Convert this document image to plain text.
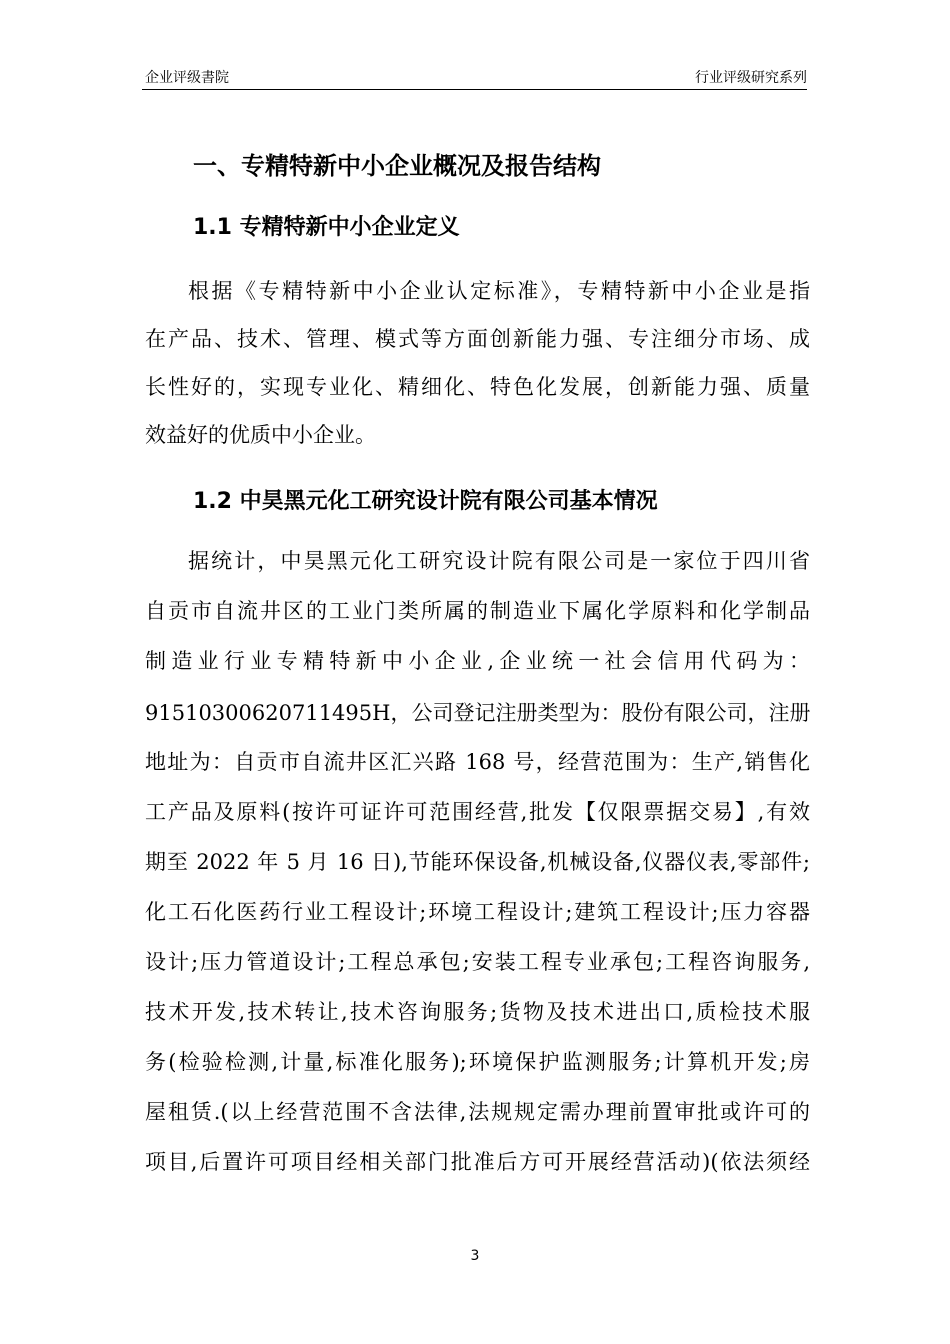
企业评级書院	行业评级研究系列
一、专精特新中小企业概况及报告结构
1.1 专精特新中小企业定义
根据《专精特新中小企业认定标准》，专精特新中小企业是指
在产品、技术、管理、模式等方面创新能力强、专注细分市场、成
长性好的，实现专业化、精细化、特色化发展，创新能力强、质量
效益好的优质中小企业。
1.2 中昊黑元化工研究设计院有限公司基本情况
据统计，中昊黑元化工研究设计院有限公司是一家位于四川省
自贡市自流井区的工业门类所属的制造业下属化学原料和化学制品
制造业行业专精特新中小企业,企业统一社会信用代码为：
91510300620711495H，公司登记注册类型为：股份有限公司，注册
地址为：自贡市自流井区汇兴路 168 号，经营范围为：生产,销售化
工产品及原料(按许可证许可范围经营,批发【仅限票据交易】,有效
期至 2022 年 5 月 16 日),节能环保设备,机械设备,仪器仪表,零部件;
化工石化医药行业工程设计;环境工程设计;建筑工程设计;压力容器
设计;压力管道设计;工程总承包;安装工程专业承包;工程咨询服务,
技术开发,技术转让,技术咨询服务;货物及技术进出口,质检技术服
务(检验检测,计量,标准化服务);环境保护监测服务;计算机开发;房
屋租赁.(以上经营范围不含法律,法规规定需办理前置审批或许可的
项目,后置许可项目经相关部门批准后方可开展经营活动)(依法须经
3
